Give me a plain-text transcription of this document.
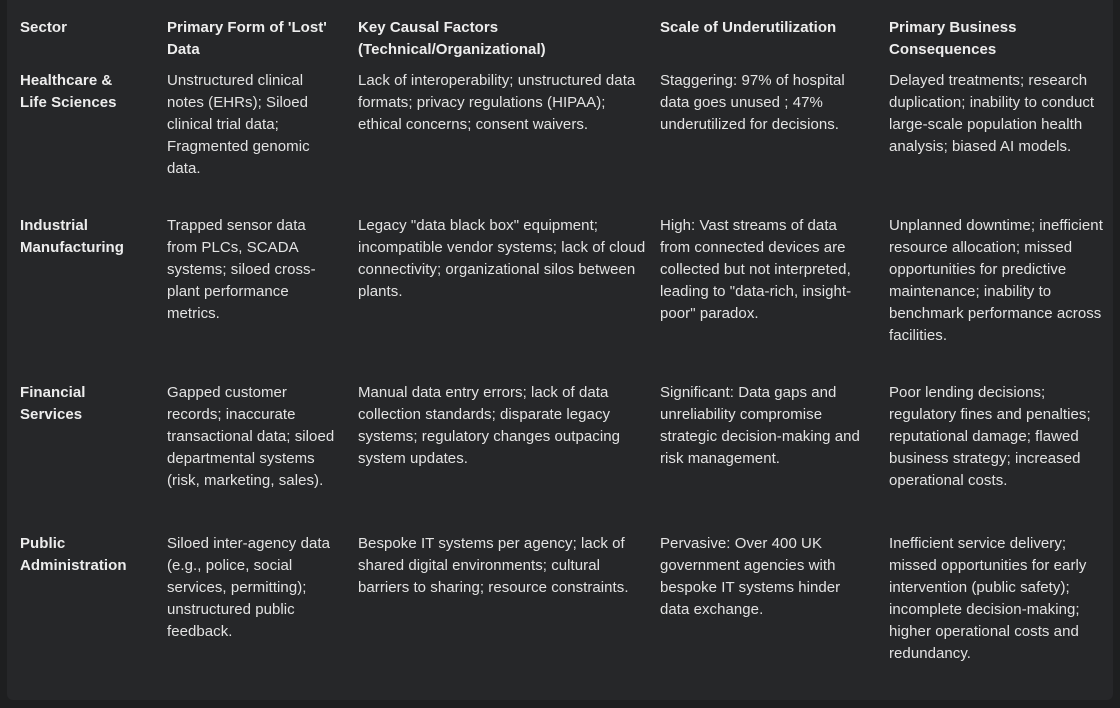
Sector	Primary Form of 'Lost' Data	Key Causal Factors (Technical/Organizational)	Scale of Underutilization	Primary Business Consequences
Healthcare & Life Sciences	Unstructured clinical notes (EHRs); Siloed clinical trial data; Fragmented genomic data.	Lack of interoperability; unstructured data formats; privacy regulations (HIPAA); ethical concerns; consent waivers.	Staggering: 97% of hospital data goes unused ; 47% underutilized for decisions.	Delayed treatments; research duplication; inability to conduct large-scale population health analysis; biased AI models.
Industrial Manufacturing	Trapped sensor data from PLCs, SCADA systems; siloed cross-plant performance metrics.	Legacy "data black box" equipment; incompatible vendor systems; lack of cloud connectivity; organizational silos between plants.	High: Vast streams of data from connected devices are collected but not interpreted, leading to "data-rich, insight-poor" paradox.	Unplanned downtime; inefficient resource allocation; missed opportunities for predictive maintenance; inability to benchmark performance across facilities.
Financial Services	Gapped customer records; inaccurate transactional data; siloed departmental systems (risk, marketing, sales).	Manual data entry errors; lack of data collection standards; disparate legacy systems; regulatory changes outpacing system updates.	Significant: Data gaps and unreliability compromise strategic decision-making and risk management.	Poor lending decisions; regulatory fines and penalties; reputational damage; flawed business strategy; increased operational costs.
Public Administration	Siloed inter-agency data (e.g., police, social services, permitting); unstructured public feedback.	Bespoke IT systems per agency; lack of shared digital environments; cultural barriers to sharing; resource constraints.	Pervasive: Over 400 UK government agencies with bespoke IT systems hinder data exchange.	Inefficient service delivery; missed opportunities for early intervention (public safety); incomplete decision-making; higher operational costs and redundancy.
